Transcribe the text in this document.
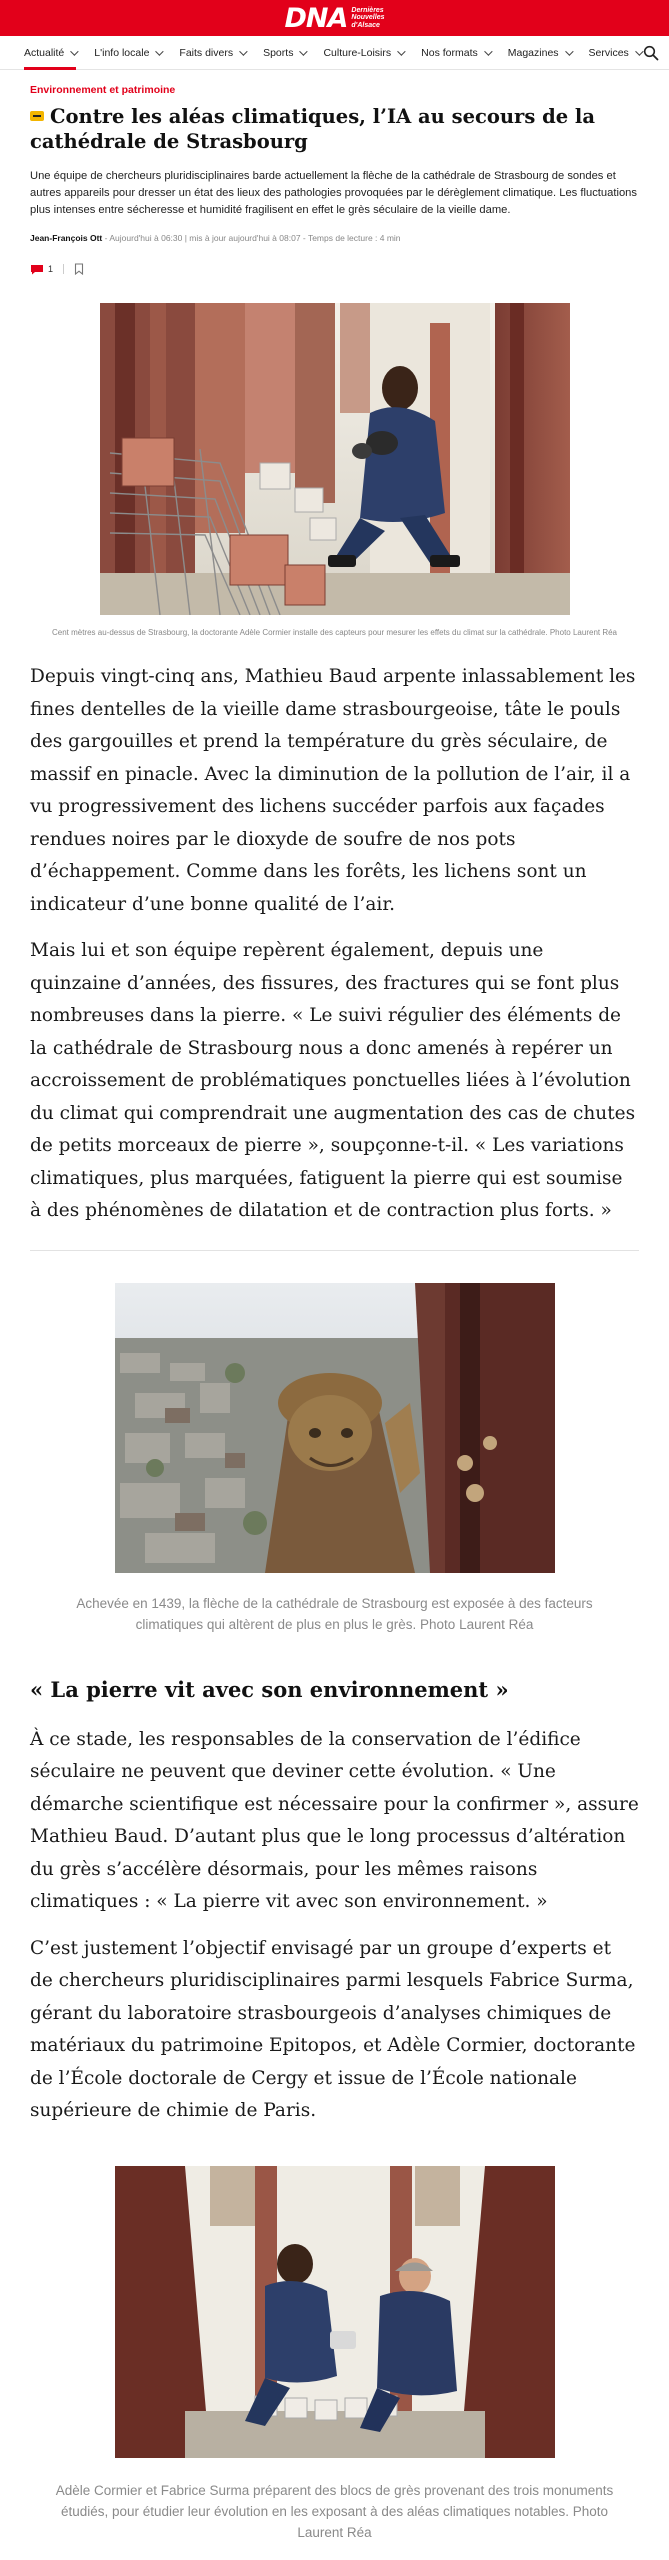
DNA Dernières
Nouvelles
d'Alsace
Actualité	L'info locale	Faits divers	Sports	Culture-Loisirs	Nos formats	Magazines	Services
Environnement et patrimoine
Contre les aléas climatiques, l’IA au secours de la cathédrale de Strasbourg

Une équipe de chercheurs pluridisciplinaires barde actuellement la flèche de la cathédrale de Strasbourg de sondes et autres appareils pour dresser un état des lieux des pathologies provoquées par le dérèglement climatique. Les fluctuations plus intenses entre sécheresse et humidité fragilisent en effet le grès séculaire de la vieille dame.

Jean-François Ott - Aujourd'hui à 06:30 | mis à jour aujourd'hui à 08:07 - Temps de lecture : 4 min
1
Cent mètres au-dessus de Strasbourg, la doctorante Adèle Cormier installe des capteurs pour mesurer les effets du climat sur la cathédrale. Photo Laurent Réa

Depuis vingt-cinq ans, Mathieu Baud arpente inlassablement les fines dentelles de la vieille dame strasbourgeoise, tâte le pouls des gargouilles et prend la température du grès séculaire, de massif en pinacle. Avec la diminution de la pollution de l’air, il a vu progressivement des lichens succéder parfois aux façades rendues noires par le dioxyde de soufre de nos pots d’échappement. Comme dans les forêts, les lichens sont un indicateur d’une bonne qualité de l’air.

Mais lui et son équipe repèrent également, depuis une quinzaine d’années, des fissures, des fractures qui se font plus nombreuses dans la pierre. « Le suivi régulier des éléments de la cathédrale de Strasbourg nous a donc amenés à repérer un accroissement de problématiques ponctuelles liées à l’évolution du climat qui comprendrait une augmentation des cas de chutes de petits morceaux de pierre », soupçonne-t-il. « Les variations climatiques, plus marquées, fatiguent la pierre qui est soumise à des phénomènes de dilatation et de contraction plus forts. »

Achevée en 1439, la flèche de la cathédrale de Strasbourg est exposée à des facteurs climatiques qui altèrent de plus en plus le grès. Photo Laurent Réa
« La pierre vit avec son environnement »

À ce stade, les responsables de la conservation de l’édifice séculaire ne peuvent que deviner cette évolution. « Une démarche scientifique est nécessaire pour la confirmer », assure Mathieu Baud. D’autant plus que le long processus d’altération du grès s’accélère désormais, pour les mêmes raisons climatiques : « La pierre vit avec son environnement. »

C’est justement l’objectif envisagé par un groupe d’experts et de chercheurs pluridisciplinaires parmi lesquels Fabrice Surma, gérant du laboratoire strasbourgeois d’analyses chimiques de matériaux du patrimoine Epitopos, et Adèle Cormier, doctorante de l’École doctorale de Cergy et issue de l’École nationale supérieure de chimie de Paris.

Adèle Cormier et Fabrice Surma préparent des blocs de grès provenant des trois monuments étudiés, pour étudier leur évolution en les exposant à des aléas climatiques notables. Photo Laurent Réa
